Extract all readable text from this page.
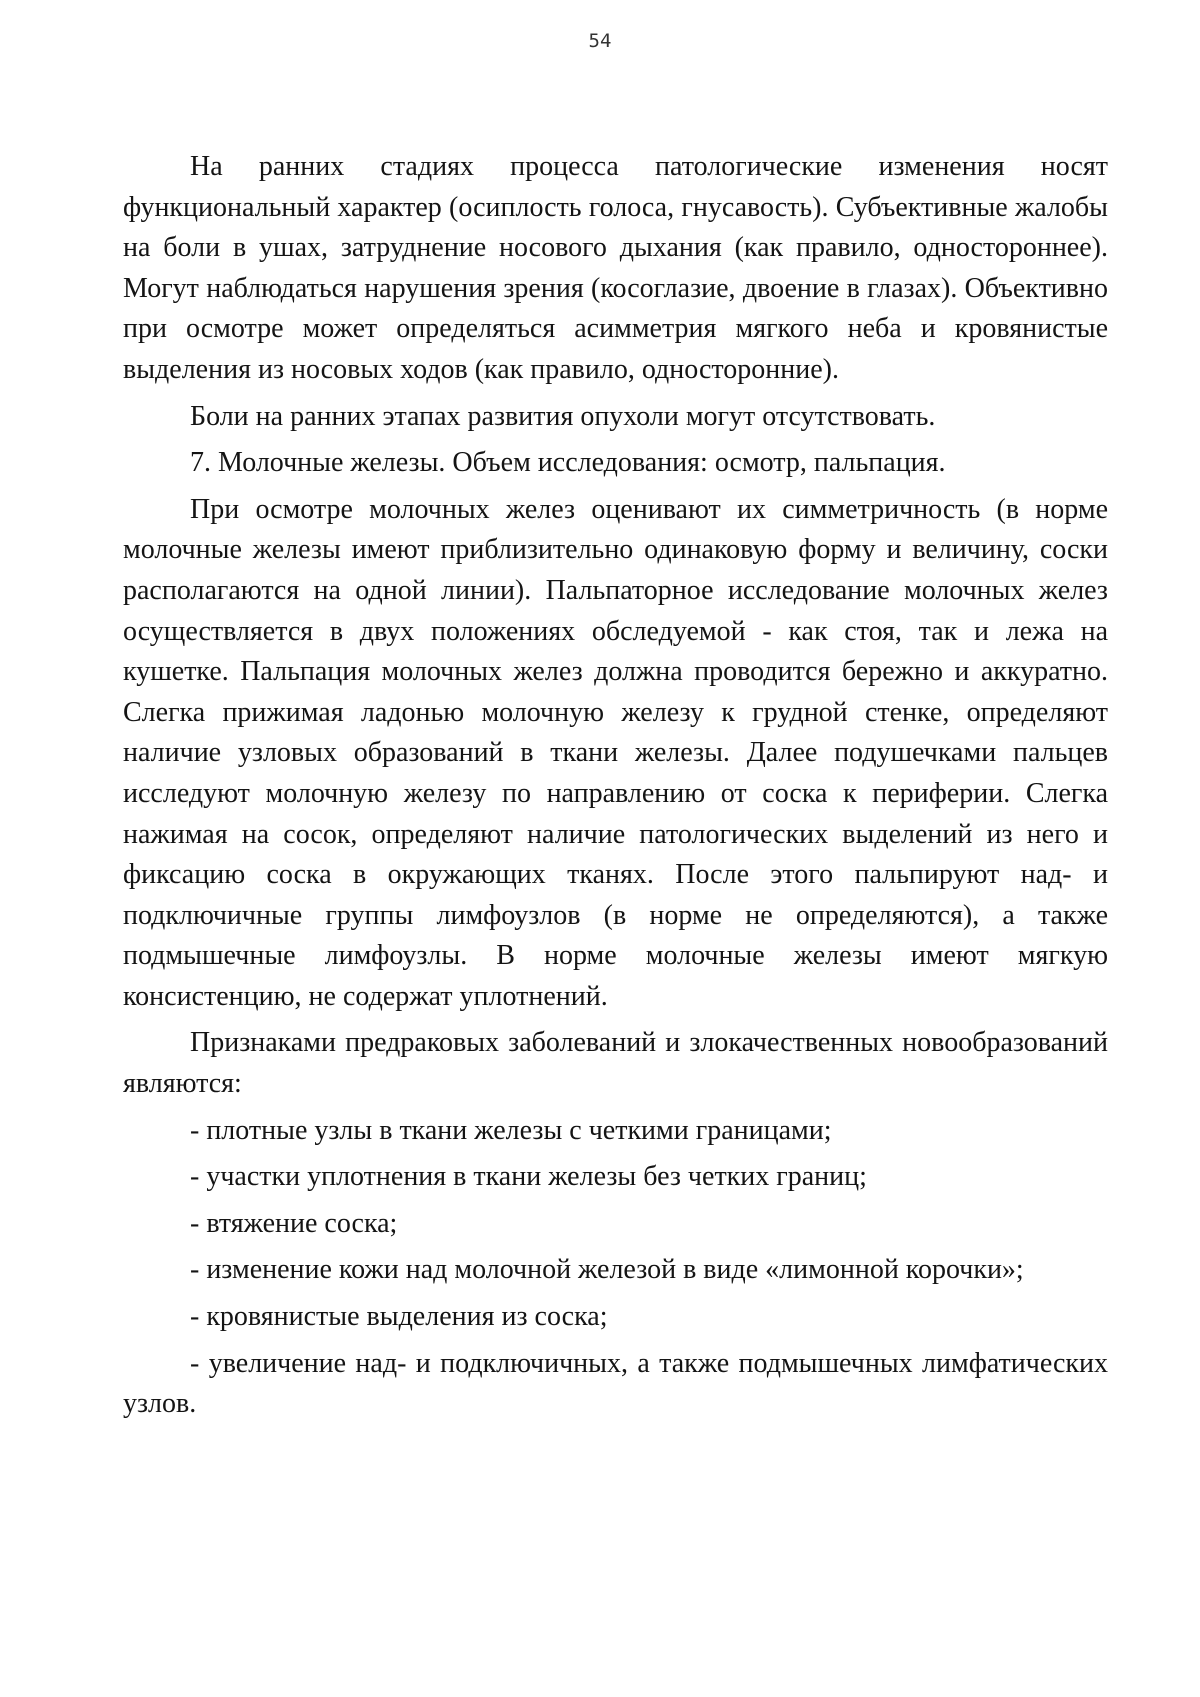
54

На ранних стадиях процесса патологические изменения носят функциональный характер (осиплость голоса, гнусавость). Субъективные жалобы на боли в ушах, затруднение носового дыхания (как правило, одностороннее). Могут наблюдаться нарушения зрения (косоглазие, двоение в глазах). Объективно при осмотре может определяться асимметрия мягкого неба и кровянистые выделения из носовых ходов (как правило, односторонние).

Боли на ранних этапах развития опухоли могут отсутствовать.

7. Молочные железы. Объем исследования: осмотр, пальпация.

При осмотре молочных желез оценивают их симметричность (в норме молочные железы имеют приблизительно одинаковую форму и величину, соски располагаются на одной линии). Пальпаторное исследование молочных желез осуществляется в двух положениях обследуемой - как стоя, так и лежа на кушетке. Пальпация молочных желез должна проводится бережно и аккуратно. Слегка прижимая ладонью молочную железу к грудной стенке, определяют наличие узловых образований в ткани железы. Далее подушечками пальцев исследуют молочную железу по направлению от соска к периферии. Слегка нажимая на сосок, определяют наличие патологических выделений из него и фиксацию соска в окружающих тканях. После этого пальпируют над- и подключичные группы лимфоузлов (в норме не определяются), а также подмышечные лимфоузлы. В норме молочные железы имеют мягкую консистенцию, не содержат уплотнений.

Признаками предраковых заболеваний и злокачественных новообразований являются:

- плотные узлы в ткани железы с четкими границами;

- участки уплотнения в ткани железы без четких границ;

- втяжение соска;

- изменение кожи над молочной железой в виде «лимонной корочки»;

- кровянистые выделения из соска;

- увеличение над- и подключичных, а также подмышечных лимфатических узлов.
